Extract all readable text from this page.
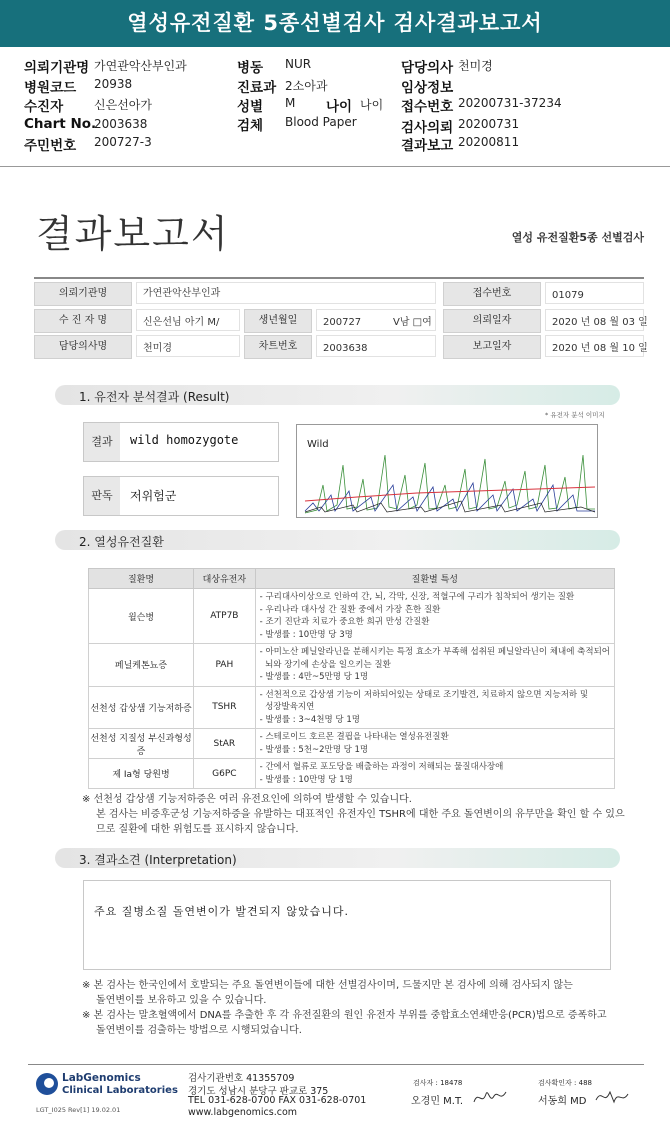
열성유전질환 5종선별검사 검사결과보고서
의뢰기관명 가연관악산부인과
병원코드 20938
수진자	신은선아가
Chart No.
2003638
주민번호 200727-3
병동 NUR
진료과 2소아과
성별 M 나이 나이
검체 Blood Paper
담당의사 천미경
임상정보
접수번호 20200731-37234
검사의뢰 20200731
결과보고 20200811
결과보고서	열성 유전질환5종 선별검사
의뢰기관명	가연관악산부인과	접수번호	01079
수 진 자 명	신은선님 아기 M/	생년월일	200727	V남 □여	의뢰일자	2020 년 08 월 03 일
담당의사명	천미경	차트번호	2003638	보고일자	2020 년 08 월 10 일
1. 유전자 분석결과 (Result)
* 유전자 분석 이미지
결과	wild homozygote
판독	저위험군
Wild
2. 열성유전질환
질환명	대상유전자	질환별 특성
윌슨병	ATP7B	- 구리대사이상으로 인하여 간, 뇌, 각막, 신장, 적혈구에 구리가 침착되어 생기는 질환
- 우리나라 대사성 간 질환 중에서 가장 흔한 질환
- 조기 진단과 치료가 중요한 희귀 만성 간질환
- 발생률 : 10만명 당 3명

페닐케톤뇨증	PAH	- 아미노산 페닐알라닌을 분해시키는 특정 효소가 부족해 섭취된 페닐알라닌이 체내에 축적되어
뇌와 장기에 손상을 일으키는 질환
- 발생률 : 4만~5만명 당 1명

선천성 갑상샘 기능저하증	TSHR	- 선천적으로 갑상샘 기능이 저하되어있는 상태로 조기발견, 치료하지 않으면 지능저하 및
성장발육지연
- 발생률 : 3~4천명 당 1명

선천성 지질성 부신과형성증	StAR	- 스테로이드 호르몬 결핍을 나타내는 열성유전질환
- 발생률 : 5천~2만명 당 1명

제 Ia형 당원병	G6PC	- 간에서 혈류로 포도당을 배출하는 과정이 저해되는 물질대사장애
- 발생률 : 10만명 당 1명
※ 선천성 갑상샘 기능저하증은 여러 유전요인에 의하여 발생할 수 있습니다.
본 검사는 비증후군성 기능저하증을 유발하는 대표적인 유전자인 TSHR에 대한 주요 돌연변이의 유무만을 확인 할 수 있으
므로 질환에 대한 위험도를 표시하지 않습니다.
3. 결과소견 (Interpretation)
주요 질병소질 돌연변이가 발견되지 않았습니다.
※ 본 검사는 한국인에서 호발되는 주요 돌연변이들에 대한 선별검사이며, 드물지만 본 검사에 의해 검사되지 않는
돌연변이를 보유하고 있을 수 있습니다.
※ 본 검사는 말초혈액에서 DNA를 추출한 후 각 유전질환의 원인 유전자 부위를 중합효소연쇄반응(PCR)법으로 증폭하고
돌연변이를 검출하는 방법으로 시행되었습니다.
LabGenomics
Clinical Laboratories
LGT_I025 Rev[1] 19.02.01
검사기관번호 41355709
경기도 성남시 분당구 판교로 375
TEL 031-628-0700 FAX 031-628-0701
www.labgenomics.com
검사자 : 18478
오경민 M.T.
검사확인자 : 488
서동희 MD
